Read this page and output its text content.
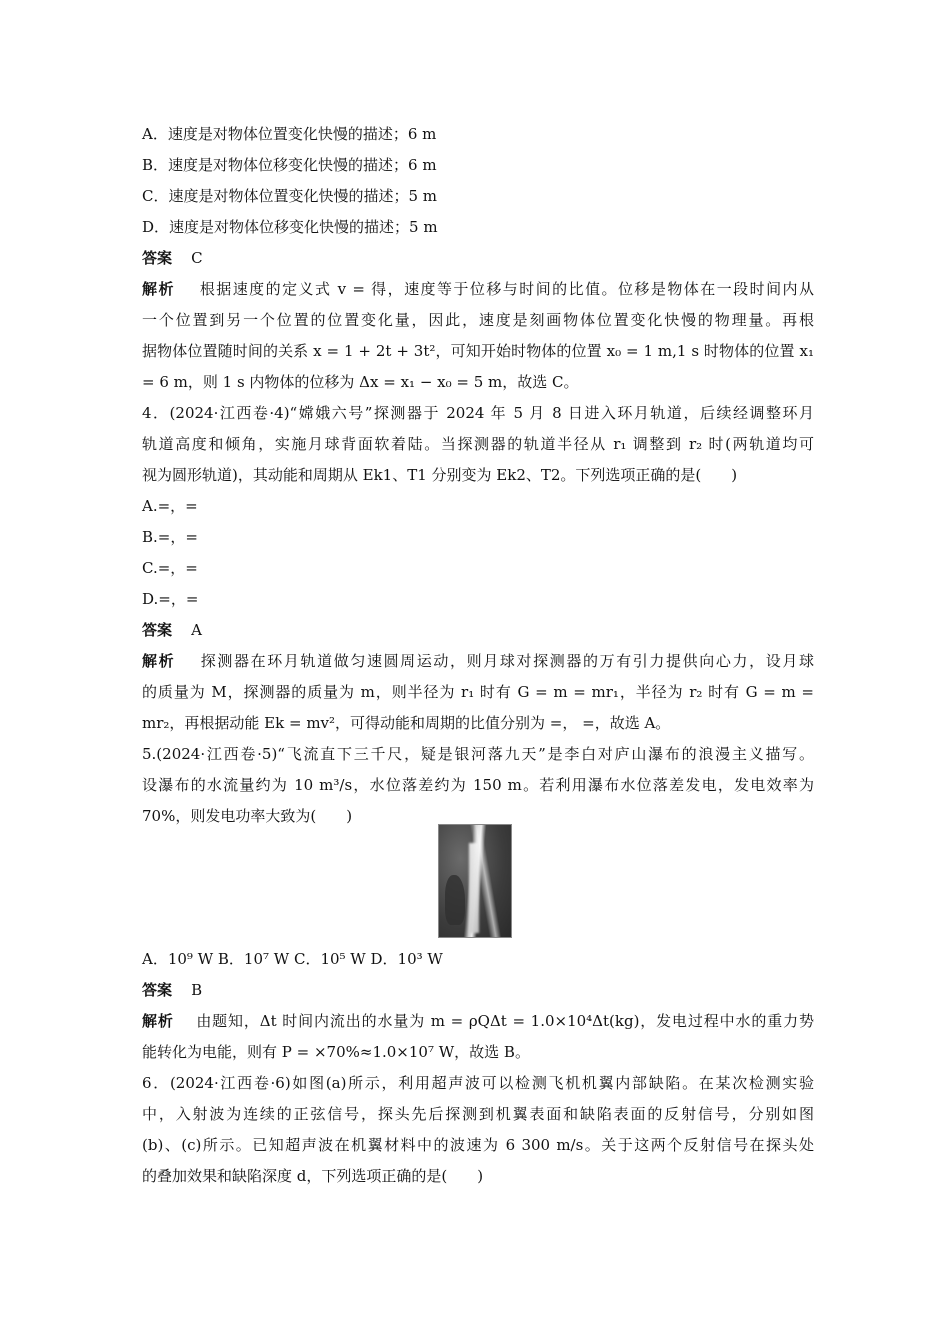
A．速度是对物体位置变化快慢的描述；6 m
B．速度是对物体位移变化快慢的描述；6 m
C．速度是对物体位置变化快慢的描述；5 m
D．速度是对物体位移变化快慢的描述；5 m
答案 C
解析 根据速度的定义式 v = 得，速度等于位移与时间的比值。位移是物体在一段时间内从
一个位置到另一个位置的位置变化量，因此，速度是刻画物体位置变化快慢的物理量。再根
据物体位置随时间的关系 x = 1 + 2t + 3t²，可知开始时物体的位置 x₀ = 1 m,1 s 时物体的位置 x₁
= 6 m，则 1 s 内物体的位移为 Δx = x₁ − x₀ = 5 m，故选 C。
4．(2024·江西卷·4)“嫦娥六号”探测器于 2024 年 5 月 8 日进入环月轨道，后续经调整环月
轨道高度和倾角，实施月球背面软着陆。当探测器的轨道半径从 r₁ 调整到 r₂ 时(两轨道均可
视为圆形轨道)，其动能和周期从 Ek1、T1 分别变为 Ek2、T2。下列选项正确的是(　　)
A.=，=
B.=，=
C.=，=
D.=，=
答案 A
解析 探测器在环月轨道做匀速圆周运动，则月球对探测器的万有引力提供向心力，设月球
的质量为 M，探测器的质量为 m，则半径为 r₁ 时有 G = m = mr₁，半径为 r₂ 时有 G = m =
mr₂，再根据动能 Ek = mv²，可得动能和周期的比值分别为 =， =，故选 A。
5.(2024·江西卷·5)“飞流直下三千尺，疑是银河落九天”是李白对庐山瀑布的浪漫主义描写。
设瀑布的水流量约为 10 m³/s，水位落差约为 150 m。若利用瀑布水位落差发电，发电效率为
70%，则发电功率大致为(　　)
A．10⁹ W B．10⁷ W C．10⁵ W D．10³ W
答案 B
解析 由题知，Δt 时间内流出的水量为 m = ρQΔt = 1.0×10⁴Δt(kg)，发电过程中水的重力势
能转化为电能，则有 P = ×70%≈1.0×10⁷ W，故选 B。
6．(2024·江西卷·6)如图(a)所示，利用超声波可以检测飞机机翼内部缺陷。在某次检测实验
中，入射波为连续的正弦信号，探头先后探测到机翼表面和缺陷表面的反射信号，分别如图
(b)、(c)所示。已知超声波在机翼材料中的波速为 6 300 m/s。关于这两个反射信号在探头处
的叠加效果和缺陷深度 d，下列选项正确的是(　　)
